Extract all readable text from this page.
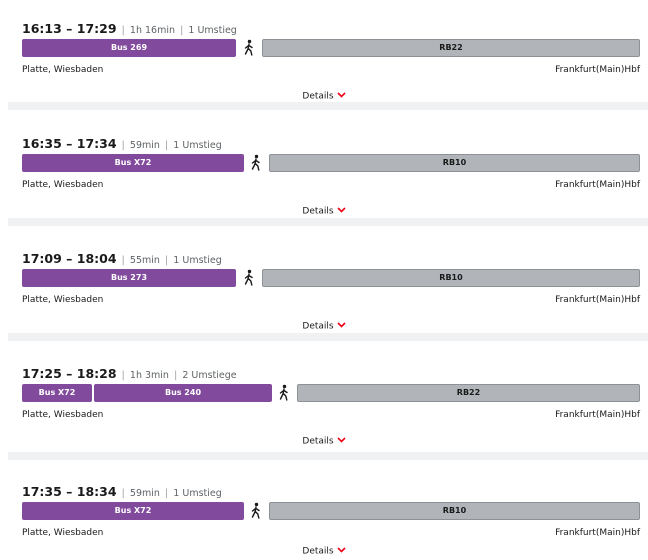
16:13 – 17:29 | 1h 16min | 1 Umstieg
Bus 269	RB22
Platte, Wiesbaden	Frankfurt(Main)Hbf
Details
16:35 – 17:34 | 59min | 1 Umstieg
Bus X72	RB10
Platte, Wiesbaden	Frankfurt(Main)Hbf
Details
17:09 – 18:04 | 55min | 1 Umstieg
Bus 273	RB10
Platte, Wiesbaden	Frankfurt(Main)Hbf
Details
17:25 – 18:28 | 1h 3min | 2 Umstiege
Bus X72	Bus 240	RB22
Platte, Wiesbaden	Frankfurt(Main)Hbf
Details
17:35 – 18:34 | 59min | 1 Umstieg
Bus X72	RB10
Platte, Wiesbaden	Frankfurt(Main)Hbf
Details
